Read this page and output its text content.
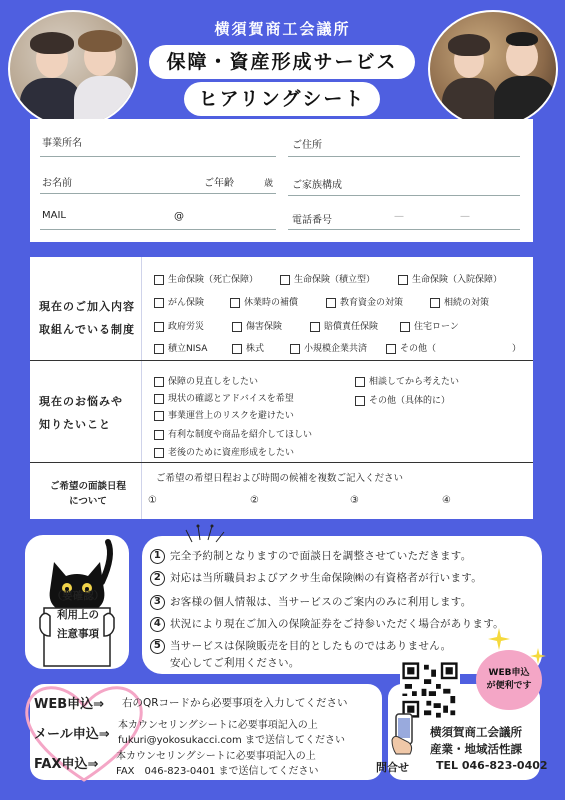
横須賀商工会議所
保障・資産形成サービス
ヒアリングシート
事業所名	ご住所
お名前	ご年齢	歳 ご家族構成
MAIL	@	電話番号	—	—
現在のご加入内容
取組んでいる制度
生命保険（死亡保障）	生命保険（積立型）	生命保険（入院保障）
がん保険	休業時の補償	教育資金の対策	相続の対策
政府労災	傷害保険	賠償責任保険	住宅ローン
積立NISA	株式	小規模企業共済	その他（	）
現在のお悩みや
知りたいこと
保障の見直しをしたい
現状の確認とアドバイスを希望
事業運営上のリスクを避けたい
有利な制度や商品を紹介してほしい
老後のために資産形成をしたい
相談してから考えたい
その他（具体的に）
ご希望の面談日程
について
ご希望の希望日程および時間の候補を複数ご記入ください
①	②	③	④
（要確認）
利用上の
注意事項
1 完全予約制となりますので面談日を調整させていただきます。
2 対応は当所職員およびアクサ生命保険㈱の有資格者が行います。
3 お客様の個人情報は、当サービスのご案内のみに利用します。
4 状況により現在ご加入の保険証券をご持参いただく場合があります。
5 当サービスは保険販売を目的としたものではありません。
安心してご利用ください。
WEB申込⇒ 右のQRコードから必要事項を入力してください
メール申込⇒
本カウンセリングシートに必要事項記入の上
fukuri@yokosukacci.com まで送信してください
FAX申込⇒
本カウンセリングシートに必要事項記入の上
FAX　046-823-0401 まで送信してください
WEB申込
が便利です
横須賀商工会議所
産業・地域活性課
問合せ TEL 046-823-0402
